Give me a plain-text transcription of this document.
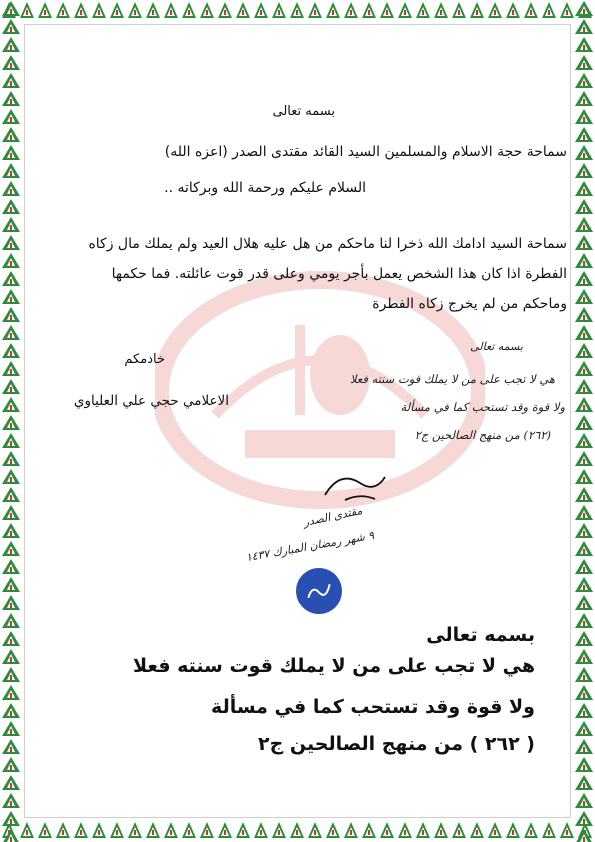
بسمه تعالى
سماحة حجة الاسلام والمسلمين السيد القائد مقتدى الصدر (اعزه الله)
السلام عليكم ورحمة الله وبركاته ..
سماحة السيد ادامك الله ذخرا لنا ماحكم من هل عليه هلال العيد ولم يملك مال زكاه
الفطرة اذا كان هذا الشخص يعمل بأجر يومي وعلى قدر قوت عائلته. فما حكمها
وماحكم من لم يخرج زكاه الفطرة
خادمكم
الاعلامي حجي علي العلياوي
بسمه تعالى
هي لا تجب على من لا يملك قوت سنته فعلا
ولا قوة وقد تستحب كما في مسألة
(٢٦٢) من منهج الصالحين ج٢
مقتدى الصدر
٩ شهر رمضان المبارك ١٤٣٧
بسمه تعالى
هي لا تجب على من لا يملك قوت سنته فعلا
ولا قوة وقد تستحب كما في مسألة
( ٢٦٢ ) من منهج الصالحين ج٢
